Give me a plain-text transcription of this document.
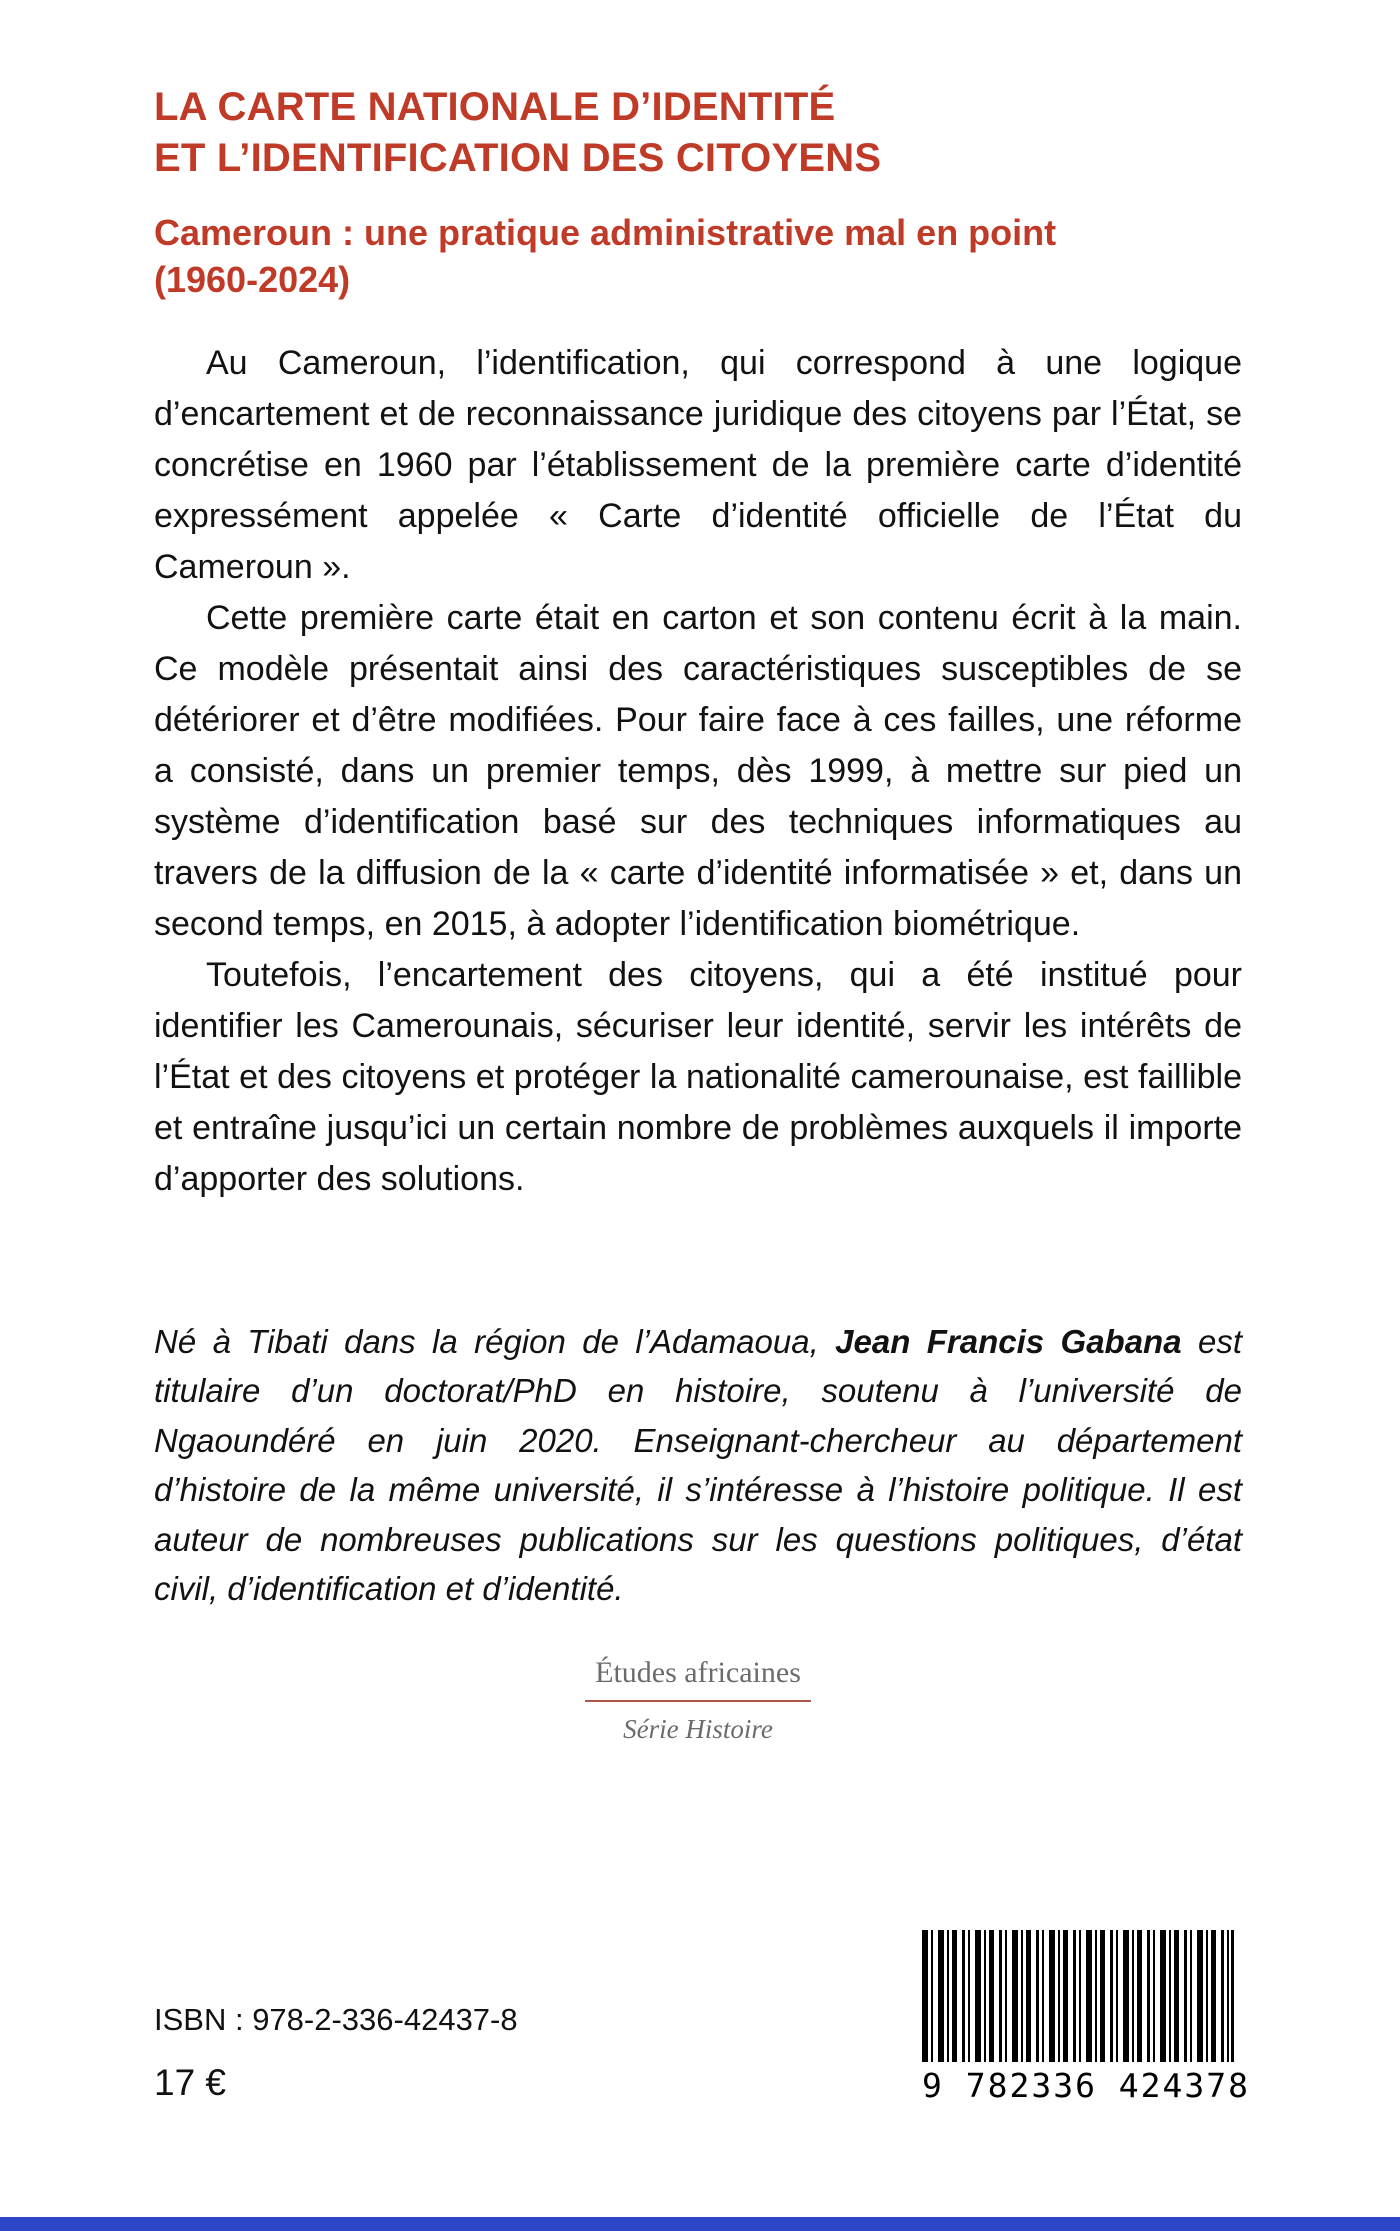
LA CARTE NATIONALE D’IDENTITÉ
ET L’IDENTIFICATION DES CITOYENS
Cameroun : une pratique administrative mal en point
(1960-2024)

Au Cameroun, l’identification, qui correspond à une logique d’encartement et de reconnaissance juridique des citoyens par l’État, se concrétise en 1960 par l’établissement de la première carte d’identité expressément appelée « Carte d’identité officielle de l’État du Cameroun ».

Cette première carte était en carton et son contenu écrit à la main. Ce modèle présentait ainsi des caractéristiques susceptibles de se détériorer et d’être modifiées. Pour faire face à ces failles, une réforme a consisté, dans un premier temps, dès 1999, à mettre sur pied un système d’identification basé sur des techniques informatiques au travers de la diffusion de la « carte d’identité informatisée » et, dans un second temps, en 2015, à adopter l’identification biométrique.

Toutefois, l’encartement des citoyens, qui a été institué pour identifier les Camerounais, sécuriser leur identité, servir les intérêts de l’État et des citoyens et protéger la nationalité camerounaise, est faillible et entraîne jusqu’ici un certain nombre de problèmes auxquels il importe d’apporter des solutions.

Né à Tibati dans la région de l’Adamaoua, Jean Francis Gabana est titulaire d’un doctorat/PhD en histoire, soutenu à l’université de Ngaoundéré en juin 2020. Enseignant-chercheur au département d’histoire de la même université, il s’intéresse à l’histoire politique. Il est auteur de nombreuses publications sur les questions politiques, d’état civil, d’identification et d’identité.

Études africaines
Série Histoire
ISBN : 978-2-336-42437-8
17 €	9 782336 424378
